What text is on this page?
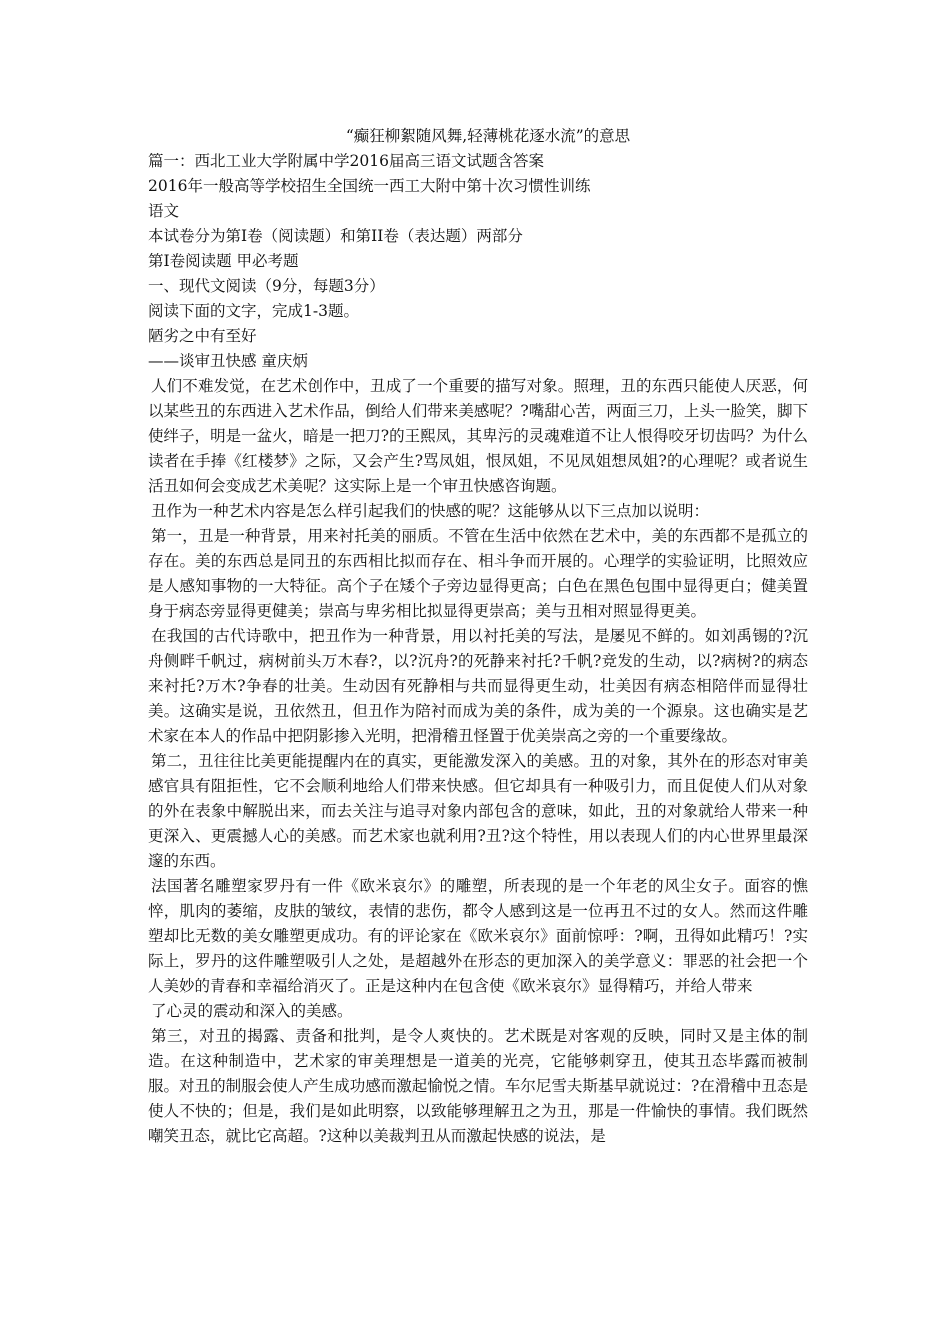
“癫狂柳絮随风舞,轻薄桃花逐水流”的意思

篇一：西北工业大学附属中学2016届高三语文试题含答案

2016年一般高等学校招生全国统一西工大附中第十次习惯性训练

语文

本试卷分为第I卷（阅读题）和第II卷（表达题）两部分

第I卷阅读题 甲必考题

一、现代文阅读（9分，每题3分）

阅读下面的文字，完成1-3题。

陋劣之中有至好

——谈审丑快感 童庆炳

人们不难发觉，在艺术创作中，丑成了一个重要的描写对象。照理，丑的东西只能使人厌恶，何以某些丑的东西进入艺术作品，倒给人们带来美感呢？?嘴甜心苦，两面三刀，上头一脸笑，脚下使绊子，明是一盆火，暗是一把刀?的王熙凤，其卑污的灵魂难道不让人恨得咬牙切齿吗？为什么读者在手捧《红楼梦》之际，又会产生?骂凤姐，恨凤姐，不见凤姐想凤姐?的心理呢？或者说生活丑如何会变成艺术美呢？这实际上是一个审丑快感咨询题。

丑作为一种艺术内容是怎么样引起我们的快感的呢？这能够从以下三点加以说明：

第一，丑是一种背景，用来衬托美的丽质。不管在生活中依然在艺术中，美的东西都不是孤立的存在。美的东西总是同丑的东西相比拟而存在、相斗争而开展的。心理学的实验证明，比照效应是人感知事物的一大特征。高个子在矮个子旁边显得更高；白色在黑色包围中显得更白；健美置身于病态旁显得更健美；崇高与卑劣相比拟显得更崇高；美与丑相对照显得更美。

在我国的古代诗歌中，把丑作为一种背景，用以衬托美的写法，是屡见不鲜的。如刘禹锡的?沉舟侧畔千帆过，病树前头万木春?，以?沉舟?的死静来衬托?千帆?竞发的生动，以?病树?的病态来衬托?万木?争春的壮美。生动因有死静相与共而显得更生动，壮美因有病态相陪伴而显得壮美。这确实是说，丑依然丑，但丑作为陪衬而成为美的条件，成为美的一个源泉。这也确实是艺术家在本人的作品中把阴影掺入光明，把滑稽丑怪置于优美崇高之旁的一个重要缘故。

第二，丑往往比美更能提醒内在的真实，更能激发深入的美感。丑的对象，其外在的形态对审美感官具有阻拒性，它不会顺利地给人们带来快感。但它却具有一种吸引力，而且促使人们从对象的外在表象中解脱出来，而去关注与追寻对象内部包含的意味，如此，丑的对象就给人带来一种更深入、更震撼人心的美感。而艺术家也就利用?丑?这个特性，用以表现人们的内心世界里最深邃的东西。

法国著名雕塑家罗丹有一件《欧米哀尔》的雕塑，所表现的是一个年老的风尘女子。面容的憔悴，肌肉的萎缩，皮肤的皱纹，表情的悲伤，都令人感到这是一位再丑不过的女人。然而这件雕塑却比无数的美女雕塑更成功。有的评论家在《欧米哀尔》面前惊呼：?啊，丑得如此精巧！?实际上，罗丹的这件雕塑吸引人之处，是超越外在形态的更加深入的美学意义：罪恶的社会把一个人美妙的青春和幸福给消灭了。正是这种内在包含使《欧米哀尔》显得精巧，并给人带来

了心灵的震动和深入的美感。

第三，对丑的揭露、责备和批判，是令人爽快的。艺术既是对客观的反映，同时又是主体的制造。在这种制造中，艺术家的审美理想是一道美的光亮，它能够刺穿丑，使其丑态毕露而被制服。对丑的制服会使人产生成功感而激起愉悦之情。车尔尼雪夫斯基早就说过：?在滑稽中丑态是使人不快的；但是，我们是如此明察，以致能够理解丑之为丑，那是一件愉快的事情。我们既然嘲笑丑态，就比它高超。?这种以美裁判丑从而激起快感的说法，是
